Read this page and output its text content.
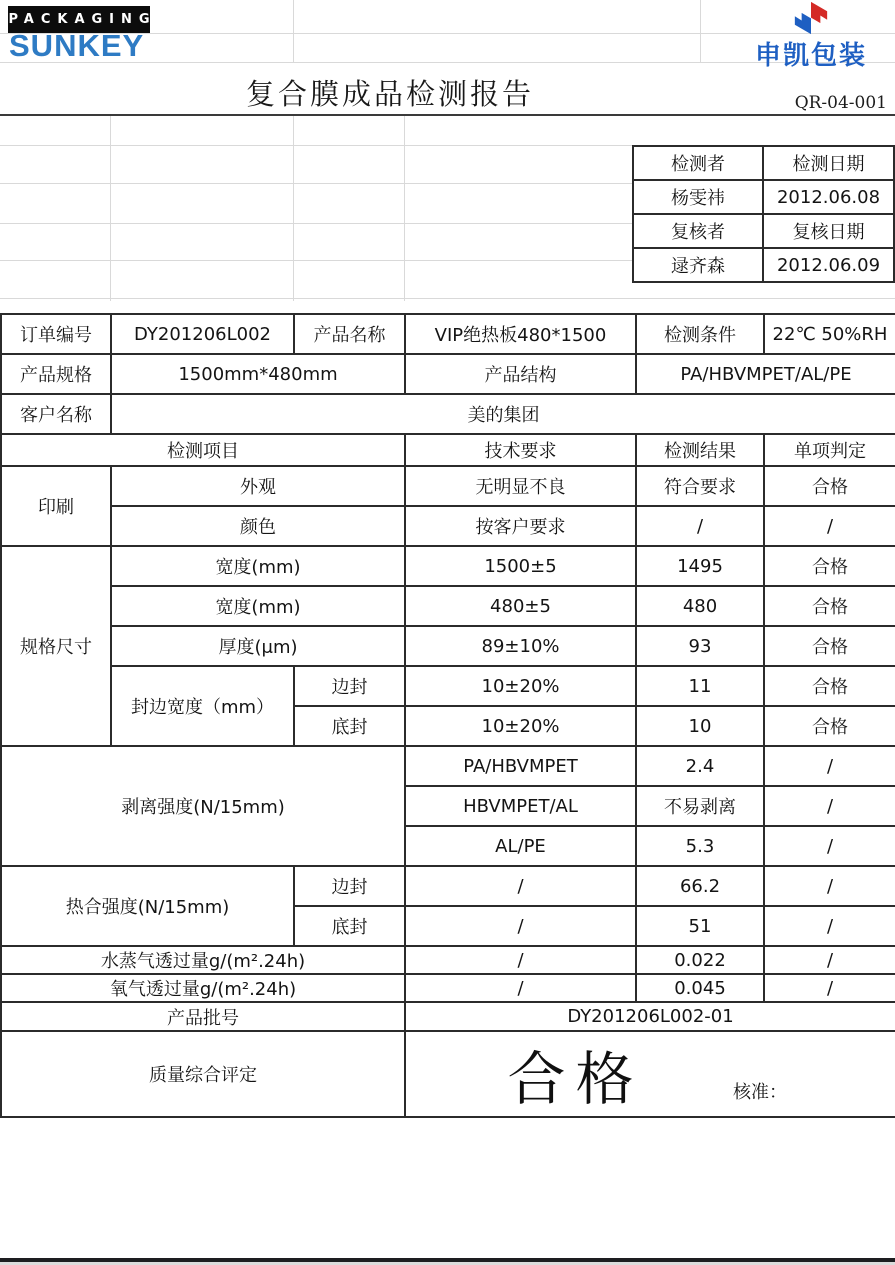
PACKAGING
SUNKEY	申凯包装
复合膜成品检测报告	QR-04-001
检测者	检测日期
杨雯祎	2012.06.08
复核者	复核日期
逯齐森	2012.06.09
订单编号	DY201206L002	产品名称	VIP绝热板480*1500	检测条件	22℃ 50%RH
产品规格	1500mm*480mm		产品结构	PA/HBVMPET/AL/PE	
客户名称	美的集团				
检测项目			技术要求	检测结果	单项判定
印刷	外观		无明显不良	符合要求	合格
	颜色		按客户要求	/	/
规格尺寸	宽度(mm)		1500±5	1495	合格
	宽度(mm)		480±5	480	合格
	厚度(μm)		89±10%	93	合格
	封边宽度（mm）	边封	10±20%	11	合格
		底封	10±20%	10	合格
剥离强度(N/15mm)			PA/HBVMPET	2.4	/
			HBVMPET/AL	不易剥离	/
			AL/PE	5.3	/
热合强度(N/15mm)		边封	/	66.2	/
		底封	/	51	/
水蒸气透过量g/(m².24h)			/	0.022	/
氧气透过量g/(m².24h)			/	0.045	/
产品批号			DY201206L002-01		
质量综合评定			合格 核准：		
